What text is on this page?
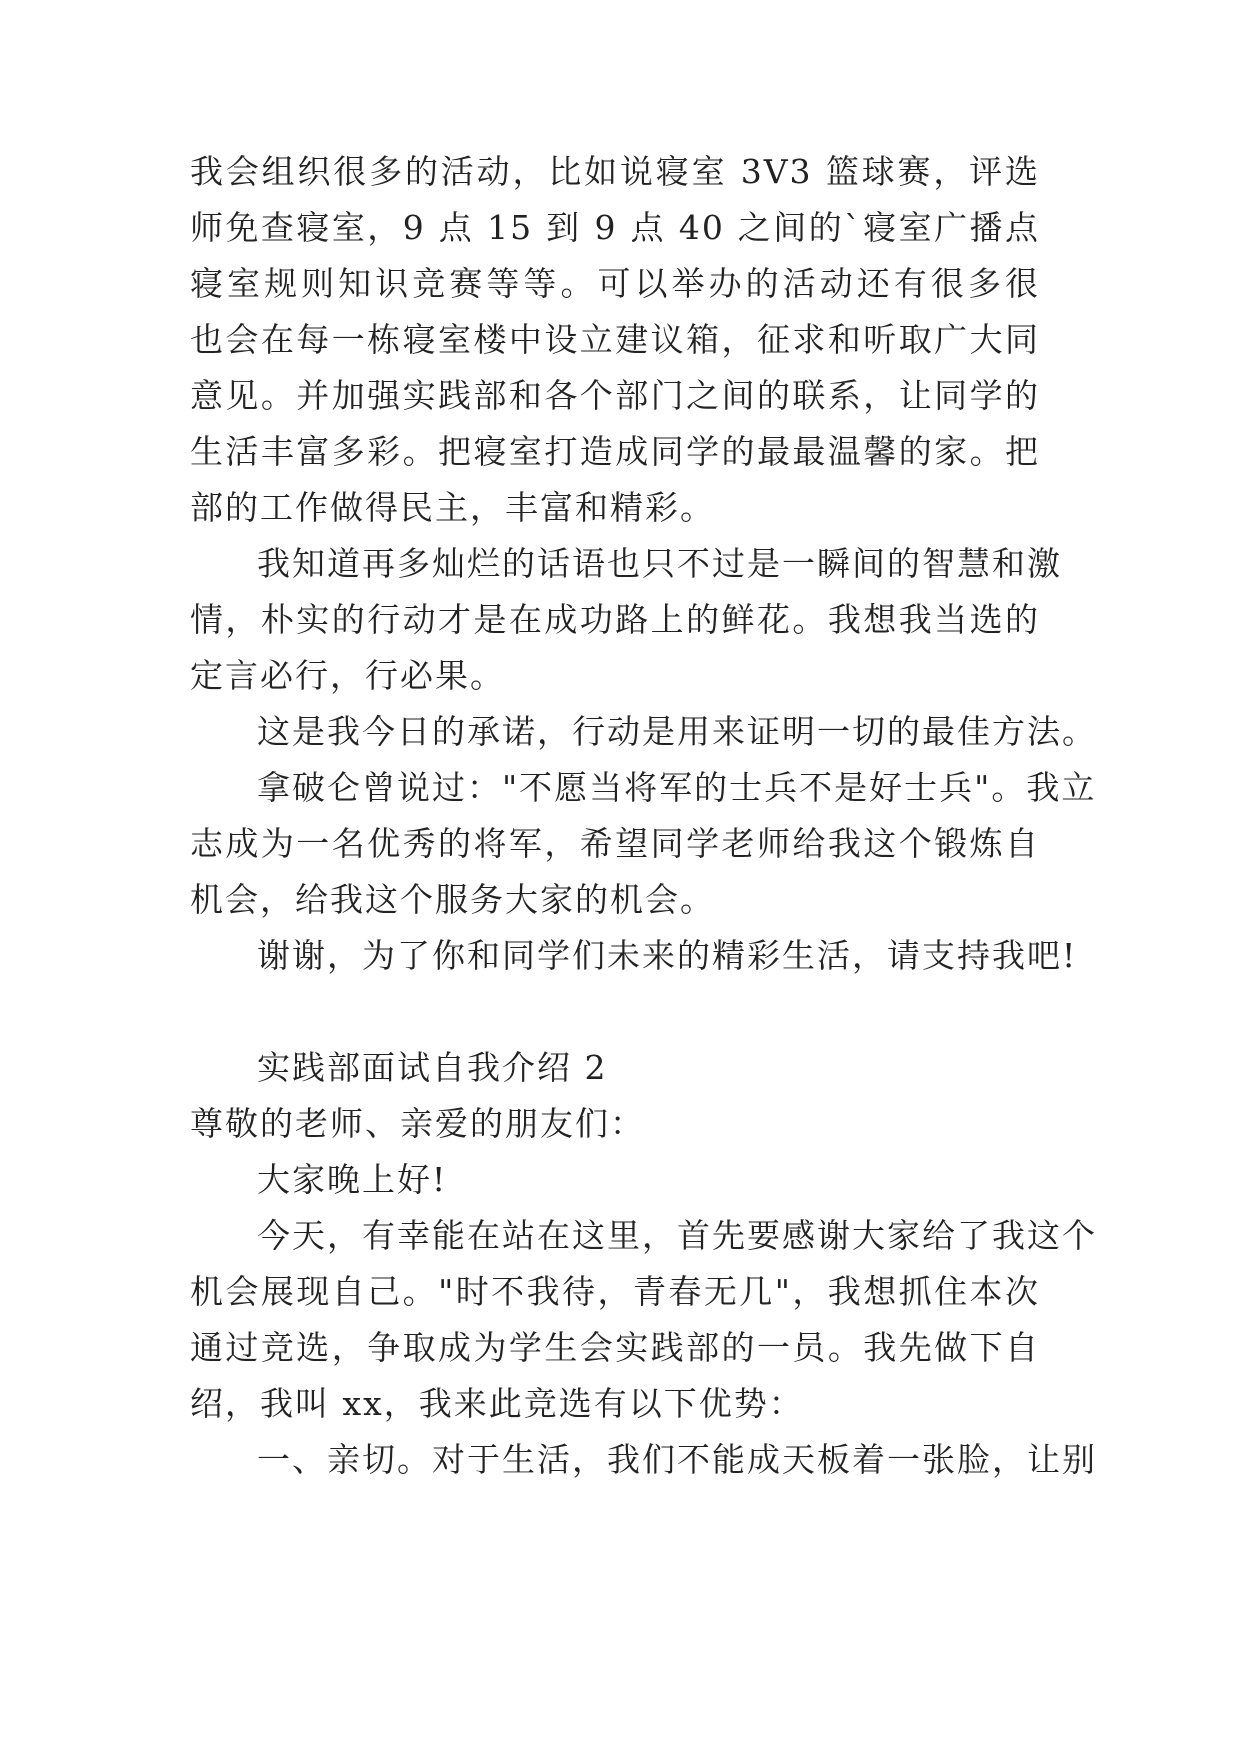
我会组织很多的活动，比如说寝室 3V3 篮球赛，评选

师免查寝室，9 点 15 到 9 点 40 之间的`寝室广播点

寝室规则知识竞赛等等。可以举办的活动还有很多很

也会在每一栋寝室楼中设立建议箱，征求和听取广大同

意见。并加强实践部和各个部门之间的联系，让同学的

生活丰富多彩。把寝室打造成同学的最最温馨的家。把

部的工作做得民主，丰富和精彩。

我知道再多灿烂的话语也只不过是一瞬间的智慧和激

情，朴实的行动才是在成功路上的鲜花。我想我当选的

定言必行，行必果。

这是我今日的承诺，行动是用来证明一切的最佳方法。

拿破仑曾说过："不愿当将军的士兵不是好士兵"。我立

志成为一名优秀的将军，希望同学老师给我这个锻炼自

机会，给我这个服务大家的机会。

谢谢，为了你和同学们未来的精彩生活，请支持我吧!

实践部面试自我介绍 2

尊敬的老师、亲爱的朋友们：

大家晚上好!

今天，有幸能在站在这里，首先要感谢大家给了我这个

机会展现自己。"时不我待，青春无几"，我想抓住本次

通过竞选，争取成为学生会实践部的一员。我先做下自

绍，我叫 xx，我来此竞选有以下优势：

一、亲切。对于生活，我们不能成天板着一张脸，让别
